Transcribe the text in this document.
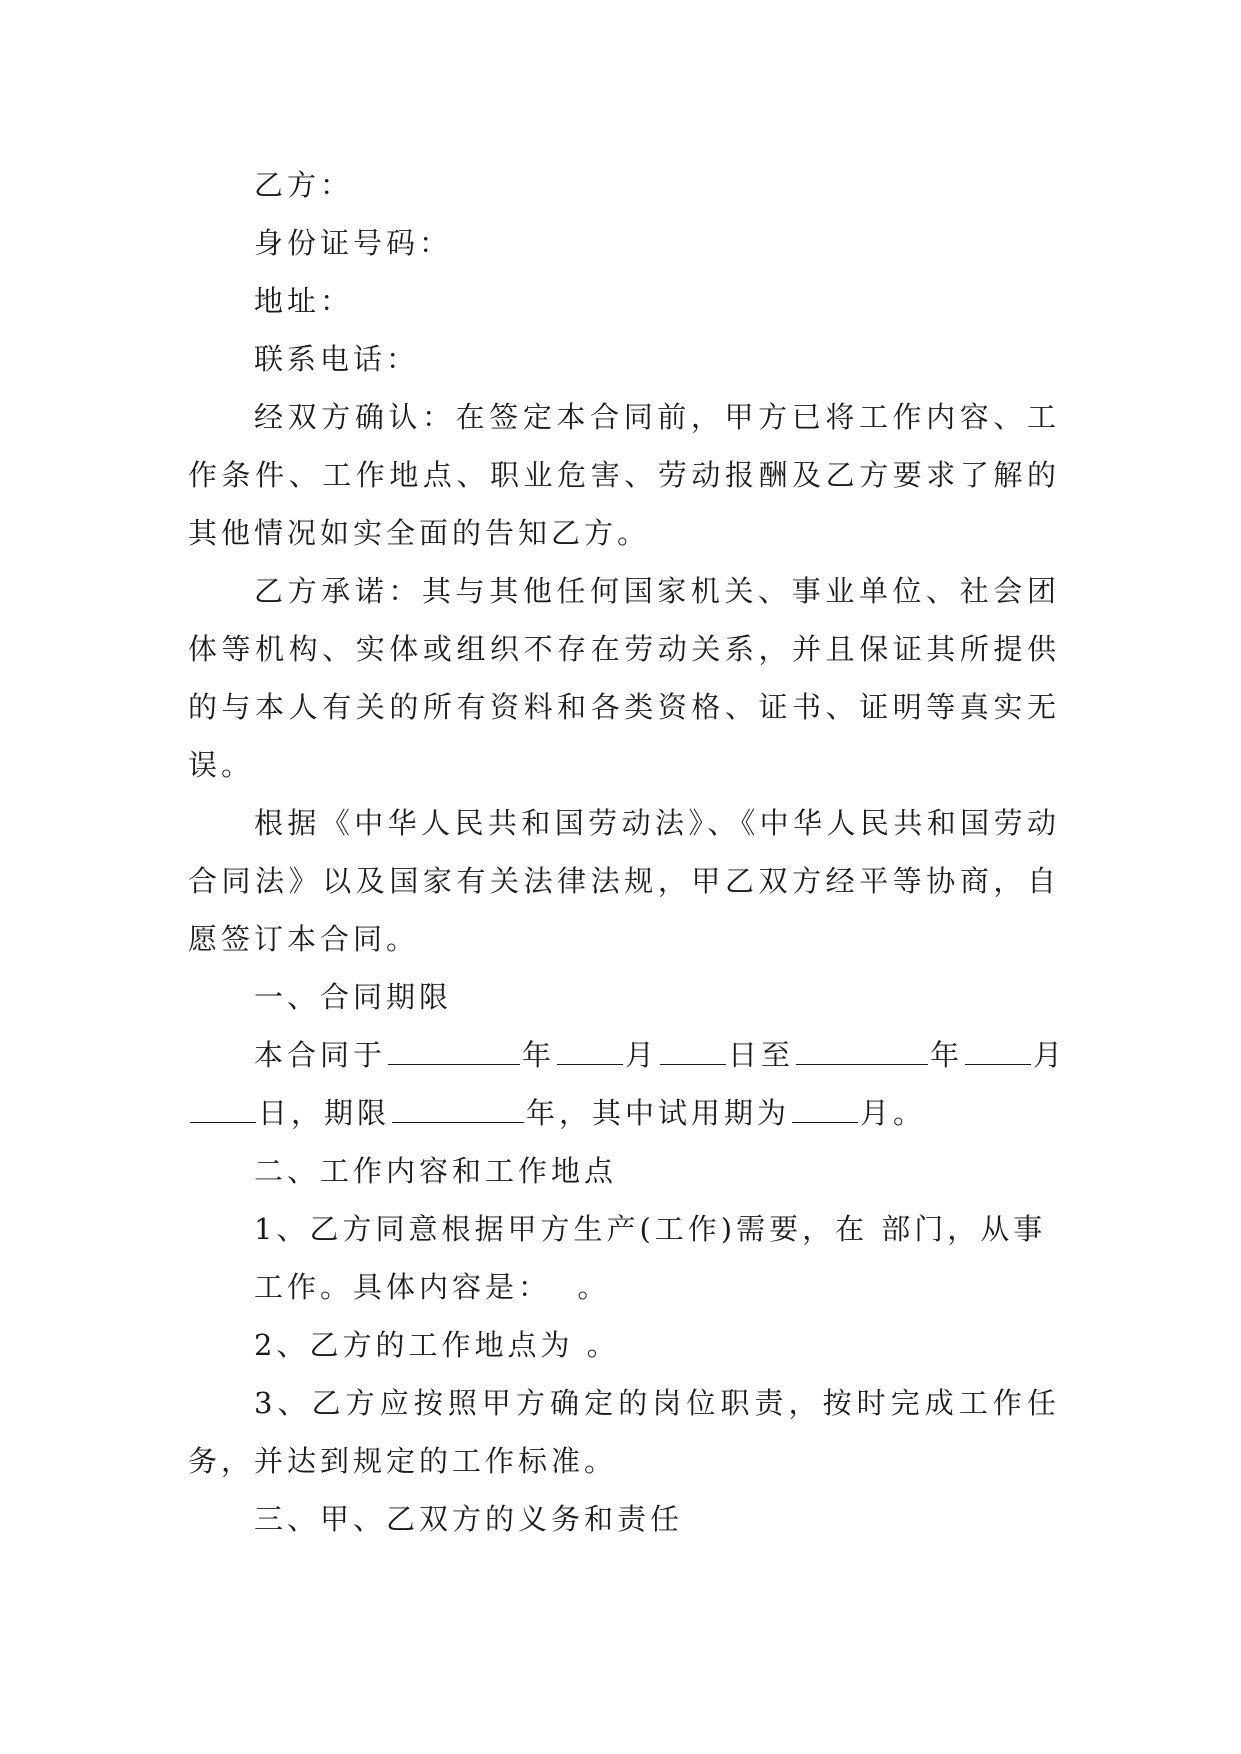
乙方：

身份证号码：

地址：

联系电话：

经双方确认：在签定本合同前，甲方已将工作内容、工作条件、工作地点、职业危害、劳动报酬及乙方要求了解的其他情况如实全面的告知乙方。

乙方承诺：其与其他任何国家机关、事业单位、社会团体等机构、实体或组织不存在劳动关系，并且保证其所提供的与本人有关的所有资料和各类资格、证书、证明等真实无误。

根据《中华人民共和国劳动法》、《中华人民共和国劳动合同法》以及国家有关法律法规，甲乙双方经平等协商，自愿签订本合同。

一、合同期限

本合同于	年 月 日至	年 月
日，期限	年，其中试用期为 月。

二、工作内容和工作地点

1、乙方同意根据甲方生产(工作)需要，在 部门，从事
工作。具体内容是：  。

2、乙方的工作地点为 。

3、乙方应按照甲方确定的岗位职责，按时完成工作任务，并达到规定的工作标准。

三、甲、乙双方的义务和责任
